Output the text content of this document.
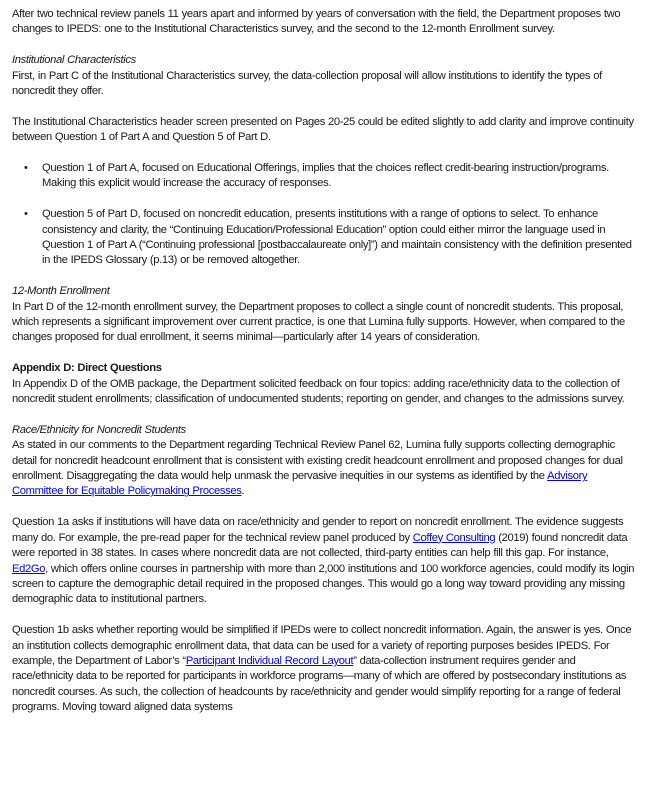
After two technical review panels 11 years apart and informed by years of conversation with the field, the Department proposes two changes to IPEDS: one to the Institutional Characteristics survey, and the second to the 12-month Enrollment survey.

Institutional Characteristics
First, in Part C of the Institutional Characteristics survey, the data-collection proposal will allow institutions to identify the types of noncredit they offer.

The Institutional Characteristics header screen presented on Pages 20-25 could be edited slightly to add clarity and improve continuity between Question 1 of Part A and Question 5 of Part D.

• Question 1 of Part A, focused on Educational Offerings, implies that the choices reflect credit-bearing instruction/programs. Making this explicit would increase the accuracy of responses.
• Question 5 of Part D, focused on noncredit education, presents institutions with a range of options to select. To enhance consistency and clarity, the “Continuing Education/Professional Education” option could either mirror the language used in Question 1 of Part A (“Continuing professional [postbaccalaureate only]”) and maintain consistency with the definition presented in the IPEDS Glossary (p.13) or be removed altogether.

12-Month Enrollment
In Part D of the 12-month enrollment survey, the Department proposes to collect a single count of noncredit students. This proposal, which represents a significant improvement over current practice, is one that Lumina fully supports. However, when compared to the changes proposed for dual enrollment, it seems minimal—particularly after 14 years of consideration.

Appendix D: Direct Questions
In Appendix D of the OMB package, the Department solicited feedback on four topics: adding race/ethnicity data to the collection of noncredit student enrollments; classification of undocumented students; reporting on gender, and changes to the admissions survey.

Race/Ethnicity for Noncredit Students
As stated in our comments to the Department regarding Technical Review Panel 62, Lumina fully supports collecting demographic detail for noncredit headcount enrollment that is consistent with existing credit headcount enrollment and proposed changes for dual enrollment. Disaggregating the data would help unmask the pervasive inequities in our systems as identified by the Advisory Committee for Equitable Policymaking Processes.

Question 1a asks if institutions will have data on race/ethnicity and gender to report on noncredit enrollment. The evidence suggests many do. For example, the pre-read paper for the technical review panel produced by Coffey Consulting (2019) found noncredit data were reported in 38 states. In cases where noncredit data are not collected, third-party entities can help fill this gap. For instance, Ed2Go, which offers online courses in partnership with more than 2,000 institutions and 100 workforce agencies, could modify its login screen to capture the demographic detail required in the proposed changes. This would go a long way toward providing any missing demographic data to institutional partners.

Question 1b asks whether reporting would be simplified if IPEDs were to collect noncredit information. Again, the answer is yes. Once an institution collects demographic enrollment data, that data can be used for a variety of reporting purposes besides IPEDS. For example, the Department of Labor’s “Participant Individual Record Layout” data-collection instrument requires gender and race/ethnicity data to be reported for participants in workforce programs—many of which are offered by postsecondary institutions as noncredit courses. As such, the collection of headcounts by race/ethnicity and gender would simplify reporting for a range of federal programs. Moving toward aligned data systems
